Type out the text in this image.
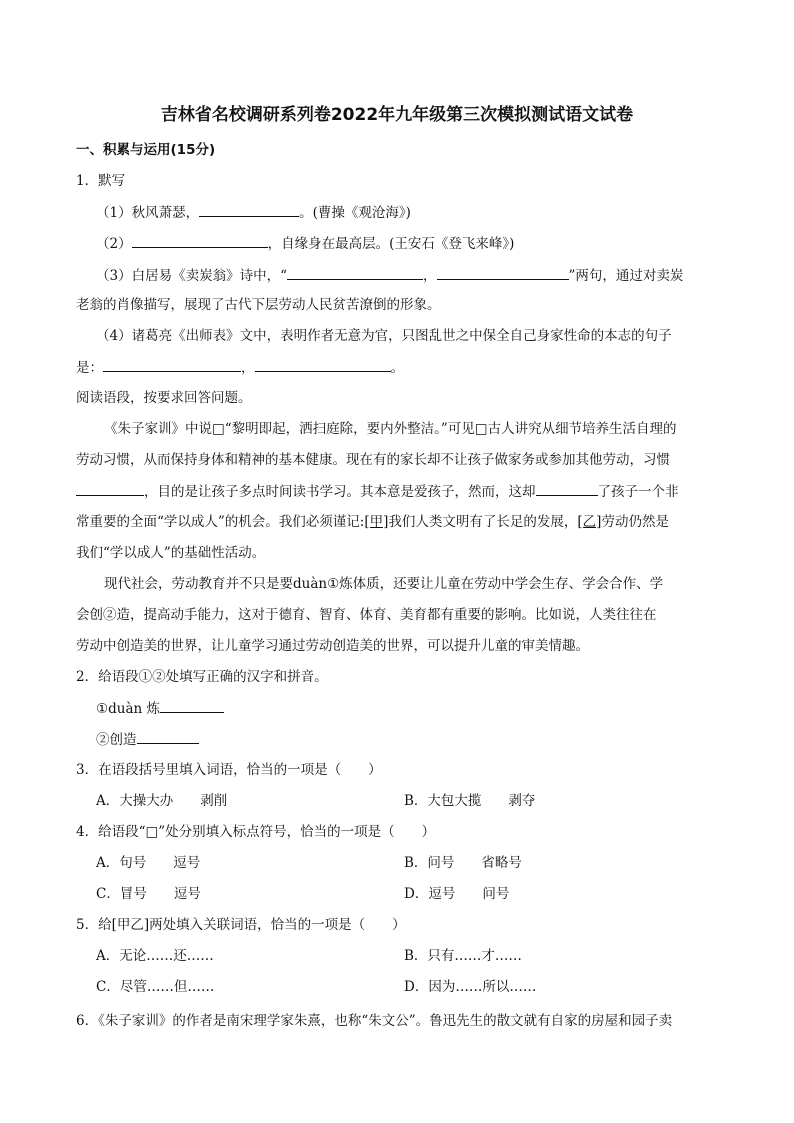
吉林省名校调研系列卷2022年九年级第三次模拟测试语文试卷
一、积累与运用(15分)
1．默写
（1）秋风萧瑟，	。(曹操《观沧海》)
（2）	，自缘身在最高层。(王安石《登飞来峰》)
（3）白居易《卖炭翁》诗中，“	，	”两句，通过对卖炭
老翁的肖像描写，展现了古代下层劳动人民贫苦潦倒的形象。
（4）诸葛亮《出师表》文中，表明作者无意为官，只图乱世之中保全自己身家性命的本志的句子
是：	，	。
阅读语段，按要求回答问题。
《朱子家训》中说□“黎明即起，洒扫庭除，要内外整洁。”可见□古人讲究从细节培养生活自理的
劳动习惯，从而保持身体和精神的基本健康。现在有的家长却不让孩子做家务或参加其他劳动，习惯
，目的是让孩子多点时间读书学习。其本意是爱孩子，然而，这却	了孩子一个非
常重要的全面“学以成人”的机会。我们必须谨记:[甲]我们人类文明有了长足的发展，[乙]劳动仍然是
我们“学以成人”的基础性活动。
现代社会，劳动教育并不只是要duàn①炼体质，还要让儿童在劳动中学会生存、学会合作、学
会创②造，提高动手能力，这对于德育、智育、体育、美育都有重要的影响。比如说，人类往往在
劳动中创造美的世界，让儿童学习通过劳动创造美的世界，可以提升儿童的审美情趣。
2．给语段①②处填写正确的汉字和拼音。
①duàn 炼
②创造
3．在语段括号里填入词语，恰当的一项是（　　）
A．大操大办　　剥削	B．大包大揽　　剥夺
4．给语段“□”处分别填入标点符号，恰当的一项是（　　）
A．句号　　逗号	B．问号　　省略号
C．冒号　　逗号	D．逗号　　问号
5．给[甲乙]两处填入关联词语，恰当的一项是（　　）
A．无论……还……	B．只有……才……
C．尽管……但……	D．因为……所以……
6．《朱子家训》的作者是南宋理学家朱熹，也称“朱文公”。鲁迅先生的散文就有自家的房屋和园子卖
